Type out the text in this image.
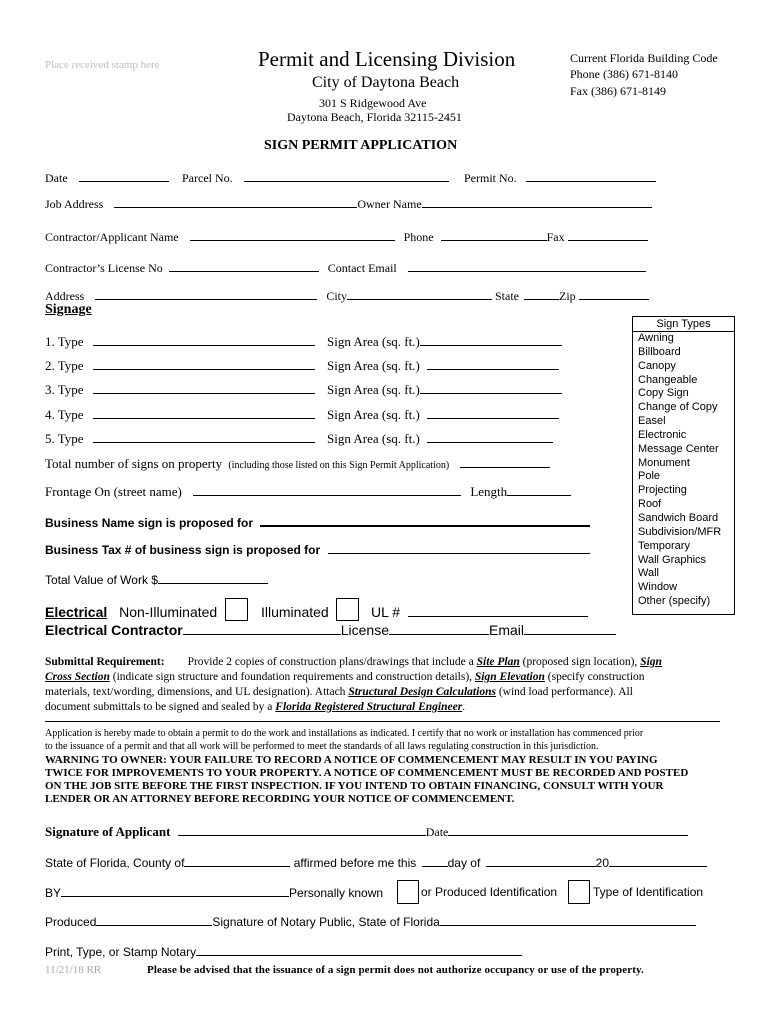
Place received stamp here	Permit and Licensing Division
City of Daytona Beach
301 S Ridgewood Ave
Daytona Beach, Florida 32115-2451
Current Florida Building Code
Phone (386) 671-8140
Fax (386) 671-8149
SIGN PERMIT APPLICATION
Date	Parcel No.	Permit No.
Job Address	Owner Name
Contractor/Applicant Name	Phone	Fax
Contractor’s License No	Contact Email
Address	City	State	Zip
Signage
1. Type	Sign Area (sq. ft.)
2. Type	Sign Area (sq. ft.)
3. Type	Sign Area (sq. ft.)
4. Type	Sign Area (sq. ft.)
5. Type	Sign Area (sq. ft.)
Total number of signs on property (including those listed on this Sign Permit Application)
Frontage On (street name)	Length
Business Name sign is proposed for
Business Tax # of business sign is proposed for
Total Value of Work $
Electrical Non-Illuminated	Illuminated	UL #
Electrical Contractor	License	Email
Sign Types
Awning
Billboard
Canopy
Changeable
Copy Sign
Change of Copy
Easel
Electronic
Message Center
Monument
Pole
Projecting
Roof
Sandwich Board
Subdivision/MFR
Temporary
Wall Graphics
Wall
Window
Other (specify)
Submittal Requirement: Provide 2 copies of construction plans/drawings that include a Site Plan (proposed sign location), Sign
Cross Section (indicate sign structure and foundation requirements and construction details), Sign Elevation (specify construction
materials, text/wording, dimensions, and UL designation). Attach Structural Design Calculations (wind load performance). All
document submittals to be signed and sealed by a Florida Registered Structural Engineer.
Application is hereby made to obtain a permit to do the work and installations as indicated. I certify that no work or installation has commenced prior
to the issuance of a permit and that all work will be performed to meet the standards of all laws regulating construction in this jurisdiction.
WARNING TO OWNER: YOUR FAILURE TO RECORD A NOTICE OF COMMENCEMENT MAY RESULT IN YOU PAYING
TWICE FOR IMPROVEMENTS TO YOUR PROPERTY. A NOTICE OF COMMENCEMENT MUST BE RECORDED AND POSTED
ON THE JOB SITE BEFORE THE FIRST INSPECTION. IF YOU INTEND TO OBTAIN FINANCING, CONSULT WITH YOUR
LENDER OR AN ATTORNEY BEFORE RECORDING YOUR NOTICE OF COMMENCEMENT.
Signature of Applicant	Date
State of Florida, County of	affirmed before me this	day of	20
BY	Personally known	or Produced Identification	Type of Identification
Produced	Signature of Notary Public, State of Florida
Print, Type, or Stamp Notary
11/21/18 RR	Please be advised that the issuance of a sign permit does not authorize occupancy or use of the property.
